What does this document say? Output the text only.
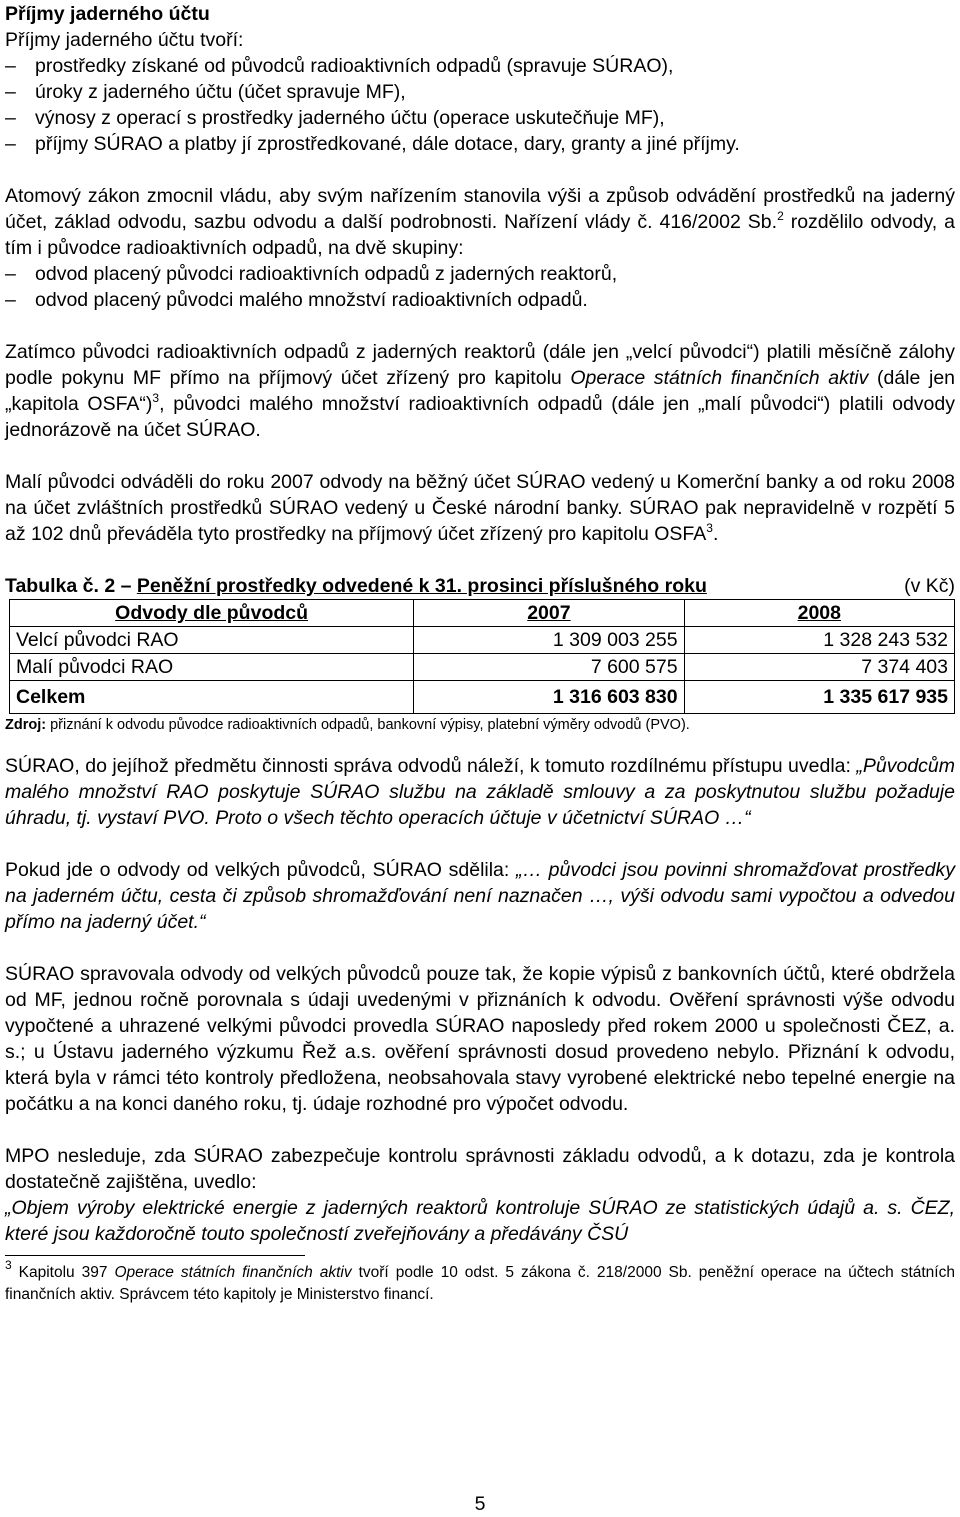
Příjmy jaderného účtu

Příjmy jaderného účtu tvoří:

– prostředky získané od původců radioaktivních odpadů (spravuje SÚRAO),
– úroky z jaderného účtu (účet spravuje MF),
– výnosy z operací s prostředky jaderného účtu (operace uskutečňuje MF),
– příjmy SÚRAO a platby jí zprostředkované, dále dotace, dary, granty a jiné příjmy.

Atomový zákon zmocnil vládu, aby svým nařízením stanovila výši a způsob odvádění prostředků na jaderný účet, základ odvodu, sazbu odvodu a další podrobnosti. Nařízení vlády č. 416/2002 Sb.$^2$ rozdělilo odvody, a tím i původce radioaktivních odpadů, na dvě skupiny:

– odvod placený původci radioaktivních odpadů z jaderných reaktorů,
– odvod placený původci malého množství radioaktivních odpadů.

Zatímco původci radioaktivních odpadů z jaderných reaktorů (dále jen „velcí původci“) platili měsíčně zálohy podle pokynu MF přímo na příjmový účet zřízený pro kapitolu Operace státních finančních aktiv (dále jen „kapitola OSFA“)$^3$, původci malého množství radioaktivních odpadů (dále jen „malí původci“) platili odvody jednorázově na účet SÚRAO.

Malí původci odváděli do roku 2007 odvody na běžný účet SÚRAO vedený u Komerční banky a od roku 2008 na účet zvláštních prostředků SÚRAO vedený u České národní banky. SÚRAO pak nepravidelně v rozpětí 5 až 102 dnů převáděla tyto prostředky na příjmový účet zřízený pro kapitolu OSFA$^3$.

Tabulka č. 2 – Peněžní prostředky odvedené k 31. prosinci příslušného roku	(v Kč)
Odvody dle původců	2007	2008
Velcí původci RAO	1 309 003 255	1 328 243 532
Malí původci RAO	7 600 575	7 374 403
Celkem	1 316 603 830	1 335 617 935
Zdroj: přiznání k odvodu původce radioaktivních odpadů, bankovní výpisy, platební výměry odvodů (PVO).

SÚRAO, do jejíhož předmětu činnosti správa odvodů náleží, k tomuto rozdílnému přístupu uvedla: „Původcům malého množství RAO poskytuje SÚRAO službu na základě smlouvy a za poskytnutou službu požaduje úhradu, tj. vystaví PVO. Proto o všech těchto operacích účtuje v účetnictví SÚRAO …“

Pokud jde o odvody od velkých původců, SÚRAO sdělila: „… původci jsou povinni shromažďovat prostředky na jaderném účtu, cesta či způsob shromažďování není naznačen …, výši odvodu sami vypočtou a odvedou přímo na jaderný účet.“

SÚRAO spravovala odvody od velkých původců pouze tak, že kopie výpisů z bankovních účtů, které obdržela od MF, jednou ročně porovnala s údaji uvedenými v přiznáních k odvodu. Ověření správnosti výše odvodu vypočtené a uhrazené velkými původci provedla SÚRAO naposledy před rokem 2000 u společnosti ČEZ, a. s.; u Ústavu jaderného výzkumu Řež a.s. ověření správnosti dosud provedeno nebylo. Přiznání k odvodu, která byla v rámci této kontroly předložena, neobsahovala stavy vyrobené elektrické nebo tepelné energie na počátku a na konci daného roku, tj. údaje rozhodné pro výpočet odvodu.

MPO nesleduje, zda SÚRAO zabezpečuje kontrolu správnosti základu odvodů, a k dotazu, zda je kontrola dostatečně zajištěna, uvedlo:
„Objem výroby elektrické energie z jaderných reaktorů kontroluje SÚRAO ze statistických údajů a. s. ČEZ, které jsou každoročně touto společností zveřejňovány a předávány ČSÚ

$^3$ Kapitolu 397 Operace státních finančních aktiv tvoří podle 10 odst. 5 zákona č. 218/2000 Sb. peněžní operace na účtech státních finančních aktiv. Správcem této kapitoly je Ministerstvo financí.
5
